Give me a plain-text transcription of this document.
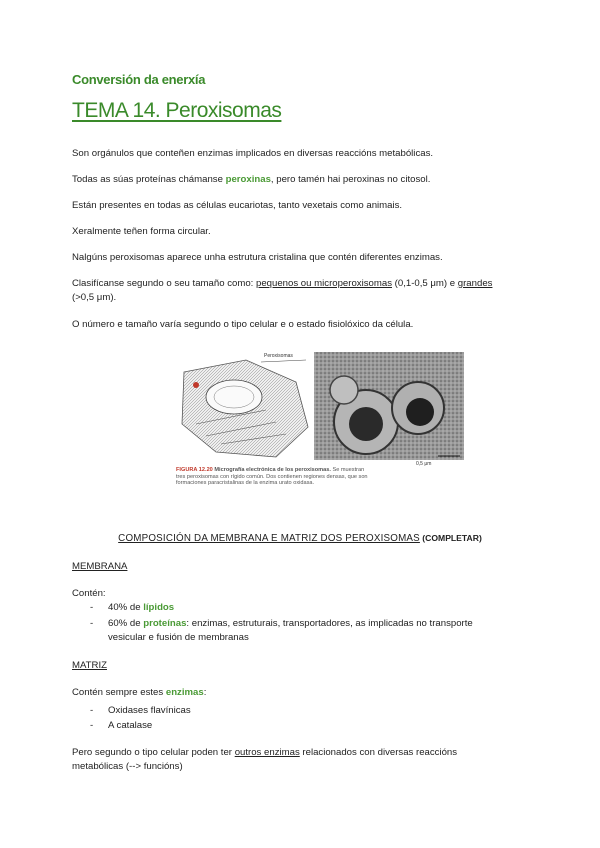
Conversión da enerxía
TEMA 14. Peroxisomas
Son orgánulos que conteñen enzimas implicados en diversas reaccións metabólicas.
Todas as súas proteínas chámanse peroxinas, pero tamén hai peroxinas no citosol.
Están presentes en todas as células eucariotas, tanto vexetais como animais.
Xeralmente teñen forma circular.
Nalgúns peroxisomas aparece unha estrutura cristalina que contén diferentes enzimas.
Clasifícanse segundo o seu tamaño como: pequenos ou microperoxisomas (0,1-0,5 μm) e grandes
(>0,5 μm).
O número e tamaño varía segundo o tipo celular e o estado fisiolóxico da célula.
Peroxisomas
0,5 μm
FIGURA 12.20 Micrografía electrónica de los peroxisomas. Se muestran
tres peroxisomas con rígido común. Dos contienen regiones densas, que son
formaciones paracristalinas de la enzima urato oxidasa.
COMPOSICIÓN DA MEMBRANA E MATRIZ DOS PEROXISOMAS (COMPLETAR)
MEMBRANA
Contén:
- 40% de lípidos
- 60% de proteínas: enzimas, estruturais, transportadores, as implicadas no transporte
vesicular e fusión de membranas
MATRIZ
Contén sempre estes enzimas:
- Oxidases flavínicas
- A catalase
Pero segundo o tipo celular poden ter outros enzimas relacionados con diversas reaccións
metabólicas (--> funcións)
